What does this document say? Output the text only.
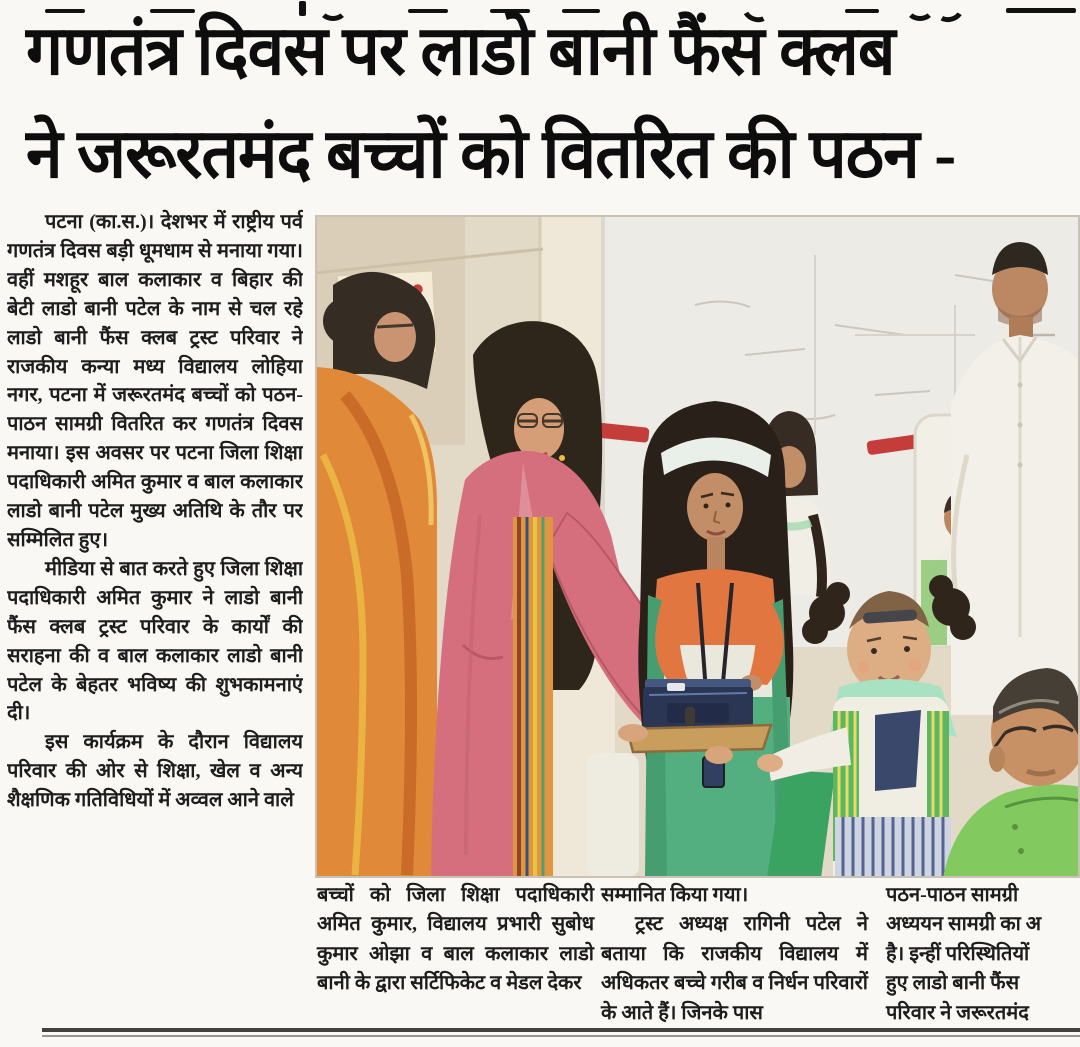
गणतंत्र दिवस पर लाडो बानी फैंस क्लब
ने जरूरतमंद बच्चों को वितरित की पठन -

पटना (का.स.)। देशभर में राष्ट्रीय पर्व गणतंत्र दिवस बड़ी धूमधाम से मनाया गया। वहीं मशहूर बाल कलाकार व बिहार की बेटी लाडो बानी पटेल के नाम से चल रहे लाडो बानी फैंस क्लब ट्रस्ट परिवार ने राजकीय कन्या मध्य विद्यालय लोहिया नगर, पटना में जरूरतमंद बच्चों को पठन-पाठन सामग्री वितरित कर गणतंत्र दिवस मनाया। इस अवसर पर पटना जिला शिक्षा पदाधिकारी अमित कुमार व बाल कलाकार लाडो बानी पटेल मुख्य अतिथि के तौर पर सम्मिलित हुए।

मीडिया से बात करते हुए जिला शिक्षा पदाधिकारी अमित कुमार ने लाडो बानी फैंस क्लब ट्रस्ट परिवार के कार्यों की सराहना की व बाल कलाकार लाडो बानी पटेल के बेहतर भविष्य की शुभकामनाएं दी।

इस कार्यक्रम के दौरान विद्यालय परिवार की ओर से शिक्षा, खेल व अन्य शैक्षणिक गतिविधियों में अव्वल आने वाले

बच्चों को जिला शिक्षा पदाधिकारी अमित कुमार, विद्यालय प्रभारी सुबोध कुमार ओझा व बाल कलाकार लाडो बानी के द्वारा सर्टिफिकेट व मेडल देकर

सम्मानित किया गया।

ट्रस्ट अध्यक्ष रागिनी पटेल ने बताया कि राजकीय विद्यालय में अधिकतर बच्चे गरीब व निर्धन परिवारों के आते हैं। जिनके पास

पठन-पाठन सामग्री
अध्ययन सामग्री का अ
है। इन्हीं परिस्थितियों
हुए लाडो बानी फैंस
परिवार ने जरूरतमंद
